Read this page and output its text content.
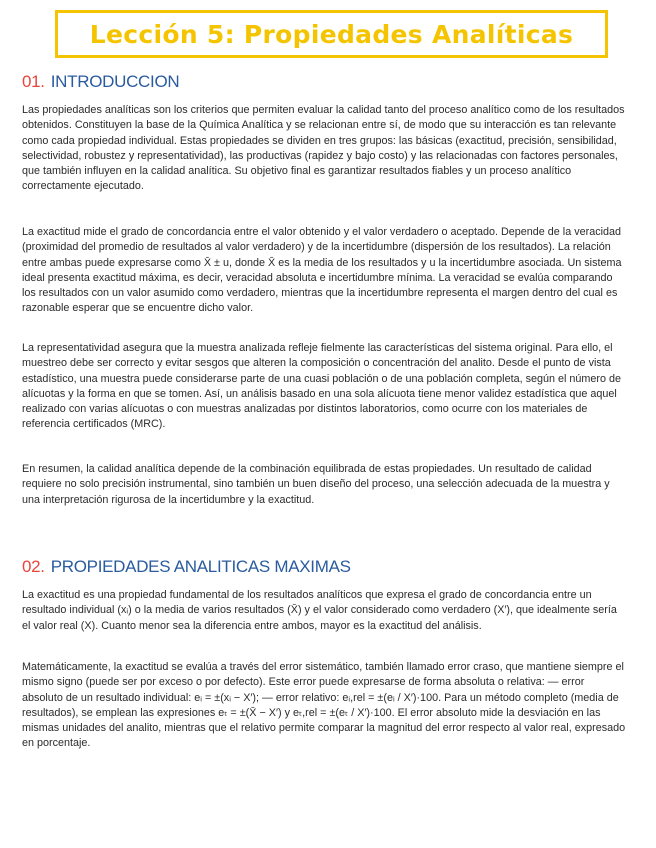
Lección 5: Propiedades Analíticas
01. INTRODUCCION

Las propiedades analíticas son los criterios que permiten evaluar la calidad tanto del proceso analítico como de los resultados obtenidos. Constituyen la base de la Química Analítica y se relacionan entre sí, de modo que su interacción es tan relevante como cada propiedad individual. Estas propiedades se dividen en tres grupos: las básicas (exactitud, precisión, sensibilidad, selectividad, robustez y representatividad), las productivas (rapidez y bajo costo) y las relacionadas con factores personales, que también influyen en la calidad analítica. Su objetivo final es garantizar resultados fiables y un proceso analítico correctamente ejecutado.

La exactitud mide el grado de concordancia entre el valor obtenido y el valor verdadero o aceptado. Depende de la veracidad (proximidad del promedio de resultados al valor verdadero) y de la incertidumbre (dispersión de los resultados). La relación entre ambas puede expresarse como X̄ ± u, donde X̄ es la media de los resultados y u la incertidumbre asociada. Un sistema ideal presenta exactitud máxima, es decir, veracidad absoluta e incertidumbre mínima. La veracidad se evalúa comparando los resultados con un valor asumido como verdadero, mientras que la incertidumbre representa el margen dentro del cual es razonable esperar que se encuentre dicho valor.

La representatividad asegura que la muestra analizada refleje fielmente las características del sistema original. Para ello, el muestreo debe ser correcto y evitar sesgos que alteren la composición o concentración del analito. Desde el punto de vista estadístico, una muestra puede considerarse parte de una cuasi población o de una población completa, según el número de alícuotas y la forma en que se tomen. Así, un análisis basado en una sola alícuota tiene menor validez estadística que aquel realizado con varias alícuotas o con muestras analizadas por distintos laboratorios, como ocurre con los materiales de referencia certificados (MRC).

En resumen, la calidad analítica depende de la combinación equilibrada de estas propiedades. Un resultado de calidad requiere no solo precisión instrumental, sino también un buen diseño del proceso, una selección adecuada de la muestra y una interpretación rigurosa de la incertidumbre y la exactitud.

02. PROPIEDADES ANALITICAS MAXIMAS

La exactitud es una propiedad fundamental de los resultados analíticos que expresa el grado de concordancia entre un resultado individual (xᵢ) o la media de varios resultados (X̄) y el valor considerado como verdadero (X′), que idealmente sería el valor real (X). Cuanto menor sea la diferencia entre ambos, mayor es la exactitud del análisis.

Matemáticamente, la exactitud se evalúa a través del error sistemático, también llamado error craso, que mantiene siempre el mismo signo (puede ser por exceso o por defecto). Este error puede expresarse de forma absoluta o relativa: — error absoluto de un resultado individual: eᵢ = ±(xᵢ − X′); — error relativo: eᵢ,rel = ±(eᵢ / X′)·100. Para un método completo (media de resultados), se emplean las expresiones eₜ = ±(X̄ − X′) y eₜ,rel = ±(eₜ / X′)·100. El error absoluto mide la desviación en las mismas unidades del analito, mientras que el relativo permite comparar la magnitud del error respecto al valor real, expresado en porcentaje.
